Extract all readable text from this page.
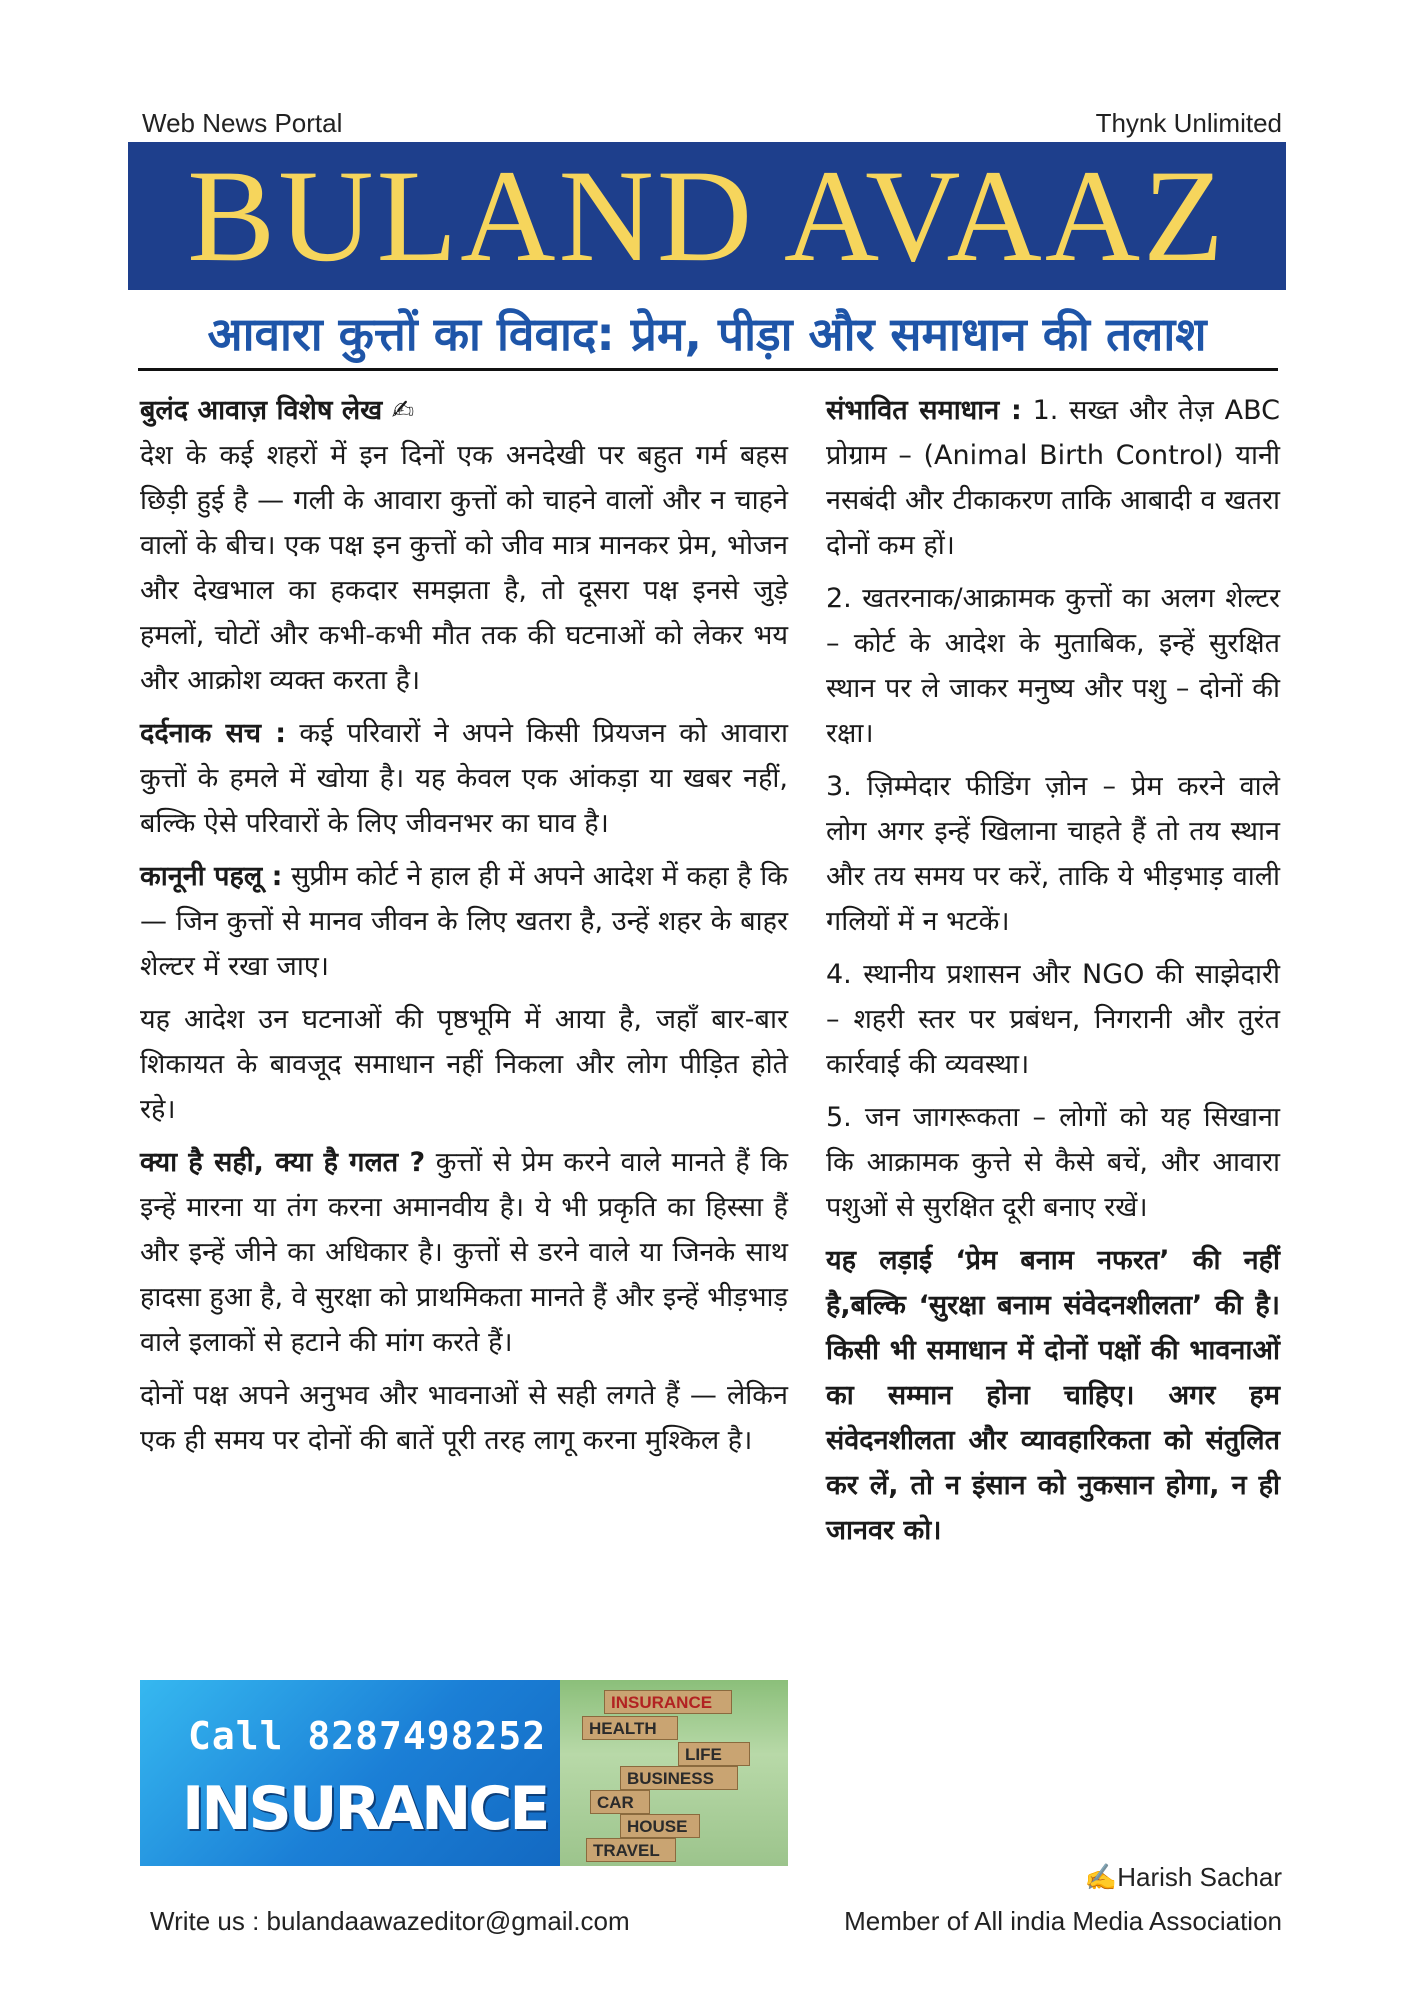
Web News Portal	Thynk Unlimited
BULAND AVAAZ
आवारा कुत्तों का विवाद: प्रेम, पीड़ा और समाधान की तलाश

बुलंद आवाज़ विशेष लेख ✍
देश के कई शहरों में इन दिनों एक अनदेखी पर बहुत गर्म बहस छिड़ी हुई है — गली के आवारा कुत्तों को चाहने वालों और न चाहने वालों के बीच। एक पक्ष इन कुत्तों को जीव मात्र मानकर प्रेम, भोजन और देखभाल का हकदार समझता है, तो दूसरा पक्ष इनसे जुड़े हमलों, चोटों और कभी-कभी मौत तक की घटनाओं को लेकर भय और आक्रोश व्यक्त करता है।

दर्दनाक सच : कई परिवारों ने अपने किसी प्रियजन को आवारा कुत्तों के हमले में खोया है। यह केवल एक आंकड़ा या खबर नहीं, बल्कि ऐसे परिवारों के लिए जीवनभर का घाव है।

कानूनी पहलू : सुप्रीम कोर्ट ने हाल ही में अपने आदेश में कहा है कि — जिन कुत्तों से मानव जीवन के लिए खतरा है, उन्हें शहर के बाहर शेल्टर में रखा जाए।

यह आदेश उन घटनाओं की पृष्ठभूमि में आया है, जहाँ बार-बार शिकायत के बावजूद समाधान नहीं निकला और लोग पीड़ित होते रहे।

क्या है सही, क्या है गलत ? कुत्तों से प्रेम करने वाले मानते हैं कि इन्हें मारना या तंग करना अमानवीय है। ये भी प्रकृति का हिस्सा हैं और इन्हें जीने का अधिकार है। कुत्तों से डरने वाले या जिनके साथ हादसा हुआ है, वे सुरक्षा को प्राथमिकता मानते हैं और इन्हें भीड़भाड़ वाले इलाकों से हटाने की मांग करते हैं।

दोनों पक्ष अपने अनुभव और भावनाओं से सही लगते हैं — लेकिन एक ही समय पर दोनों की बातें पूरी तरह लागू करना मुश्किल है।

संभावित समाधान : 1. सख्त और तेज़ ABC प्रोग्राम – (Animal Birth Control) यानी नसबंदी और टीकाकरण ताकि आबादी व खतरा दोनों कम हों।

2. खतरनाक/आक्रामक कुत्तों का अलग शेल्टर – कोर्ट के आदेश के मुताबिक, इन्हें सुरक्षित स्थान पर ले जाकर मनुष्य और पशु – दोनों की रक्षा।

3. ज़िम्मेदार फीडिंग ज़ोन – प्रेम करने वाले लोग अगर इन्हें खिलाना चाहते हैं तो तय स्थान और तय समय पर करें, ताकि ये भीड़भाड़ वाली गलियों में न भटकें।

4. स्थानीय प्रशासन और NGO की साझेदारी – शहरी स्तर पर प्रबंधन, निगरानी और तुरंत कार्रवाई की व्यवस्था।

5. जन जागरूकता – लोगों को यह सिखाना कि आक्रामक कुत्ते से कैसे बचें, और आवारा पशुओं से सुरक्षित दूरी बनाए रखें।

यह लड़ाई ‘प्रेम बनाम नफरत’ की नहीं है,बल्कि ‘सुरक्षा बनाम संवेदनशीलता’ की है। किसी भी समाधान में दोनों पक्षों की भावनाओं का सम्मान होना चाहिए। अगर हम संवेदनशीलता और व्यावहारिकता को संतुलित कर लें, तो न इंसान को नुकसान होगा, न ही जानवर को।

Call 8287498252
INSURANCE
INSURANCE
HEALTH
LIFE
BUSINESS
CAR
HOUSE
TRAVEL
✍Harish Sachar
Write us : bulandaawazeditor@gmail.com	Member of All india Media Association
